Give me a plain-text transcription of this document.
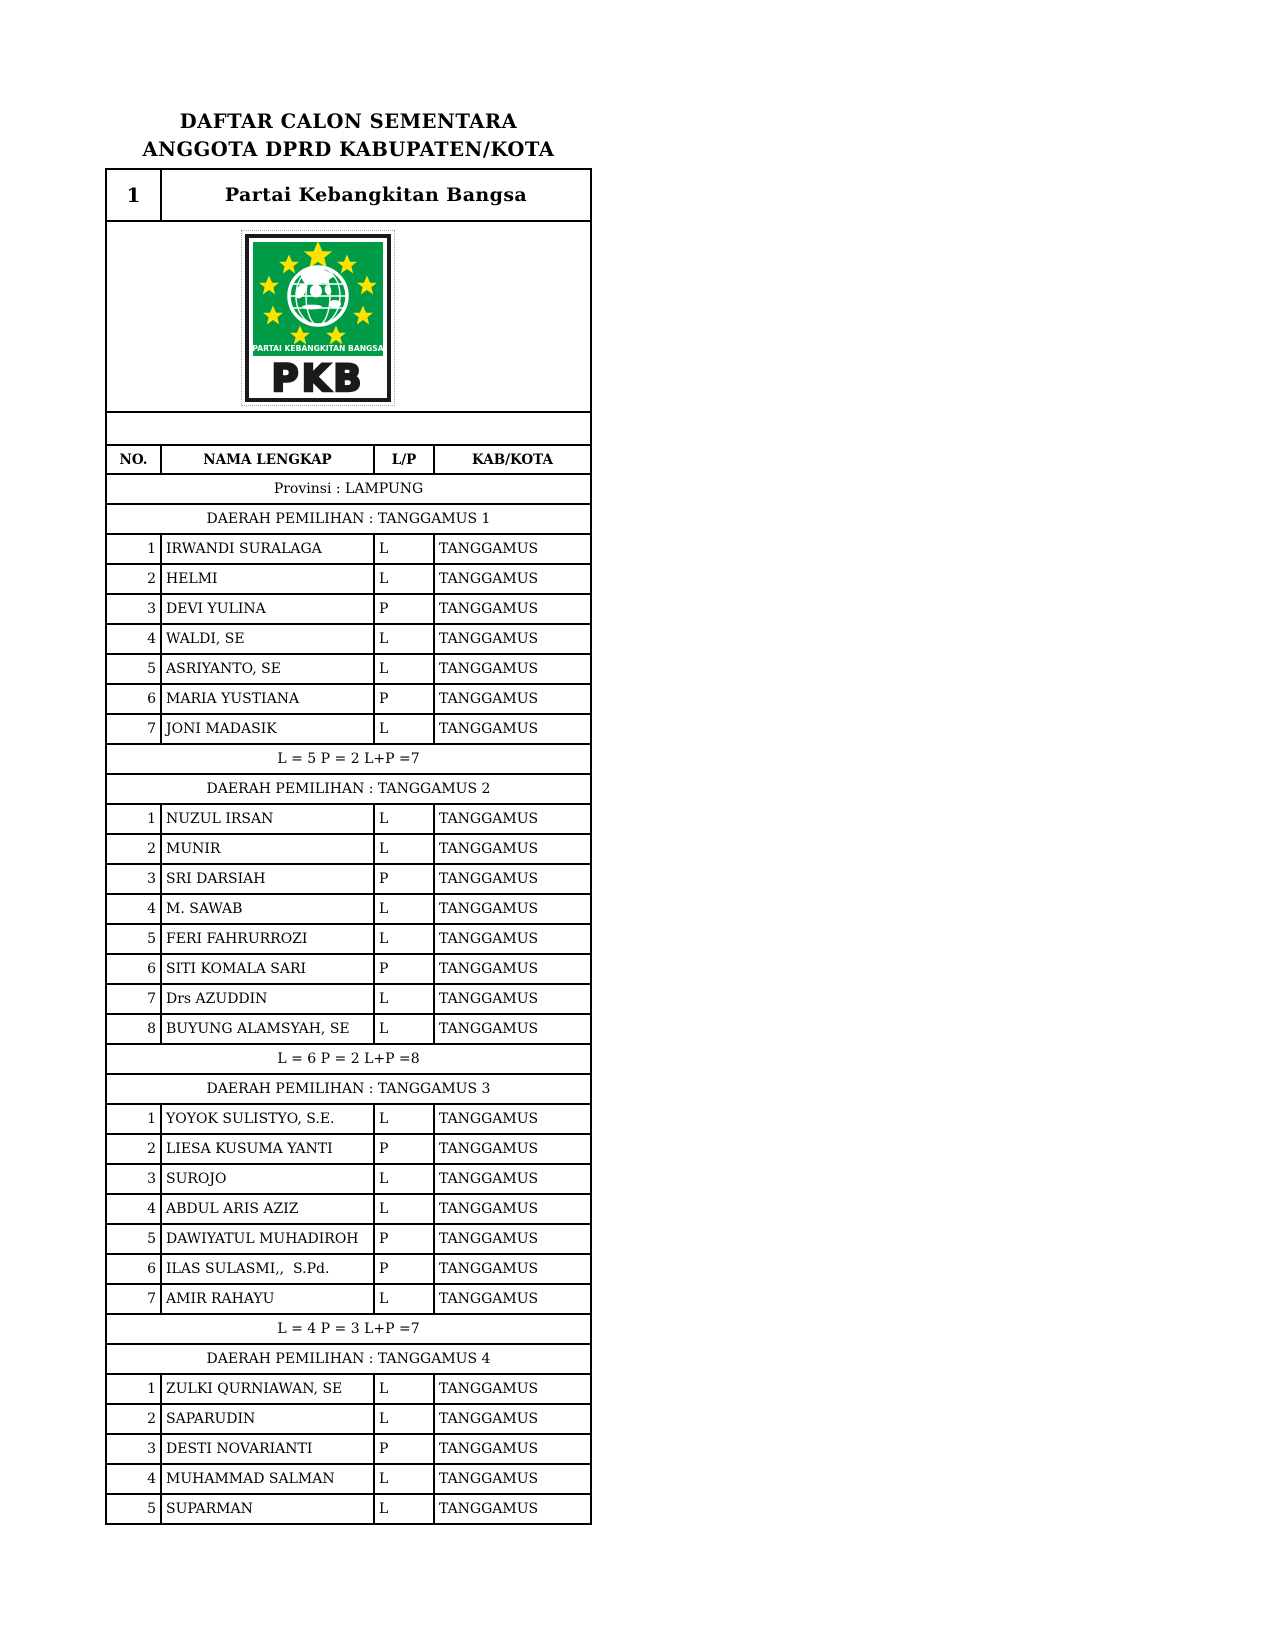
DAFTAR CALON SEMENTARA
ANGGOTA DPRD KABUPATEN/KOTA
1	Partai Kebangkitan Bangsa
PARTAI KEBANGKITAN BANGSA
PKB
NO.	NAMA LENGKAP	L/P	KAB/KOTA
Provinsi : LAMPUNG
DAERAH PEMILIHAN : TANGGAMUS 1
1 IRWANDI SURALAGA	L	TANGGAMUS
2 HELMI	L	TANGGAMUS
3 DEVI YULINA	P	TANGGAMUS
4 WALDI, SE	L	TANGGAMUS
5 ASRIYANTO, SE	L	TANGGAMUS
6 MARIA YUSTIANA	P	TANGGAMUS
7 JONI MADASIK	L	TANGGAMUS
L = 5 P = 2 L+P =7
DAERAH PEMILIHAN : TANGGAMUS 2
1 NUZUL IRSAN	L	TANGGAMUS
2 MUNIR	L	TANGGAMUS
3 SRI DARSIAH	P	TANGGAMUS
4 M. SAWAB	L	TANGGAMUS
5 FERI FAHRURROZI	L	TANGGAMUS
6 SITI KOMALA SARI	P	TANGGAMUS
7 Drs AZUDDIN	L	TANGGAMUS
8 BUYUNG ALAMSYAH, SE	L	TANGGAMUS
L = 6 P = 2 L+P =8
DAERAH PEMILIHAN : TANGGAMUS 3
1 YOYOK SULISTYO, S.E.	L	TANGGAMUS
2 LIESA KUSUMA YANTI	P	TANGGAMUS
3 SUROJO	L	TANGGAMUS
4 ABDUL ARIS AZIZ	L	TANGGAMUS
5 DAWIYATUL MUHADIROH	P	TANGGAMUS
6 ILAS SULASMI,,  S.Pd.	P	TANGGAMUS
7 AMIR RAHAYU	L	TANGGAMUS
L = 4 P = 3 L+P =7
DAERAH PEMILIHAN : TANGGAMUS 4
1 ZULKI QURNIAWAN, SE	L	TANGGAMUS
2 SAPARUDIN	L	TANGGAMUS
3 DESTI NOVARIANTI	P	TANGGAMUS
4 MUHAMMAD SALMAN	L	TANGGAMUS
5 SUPARMAN	L	TANGGAMUS
